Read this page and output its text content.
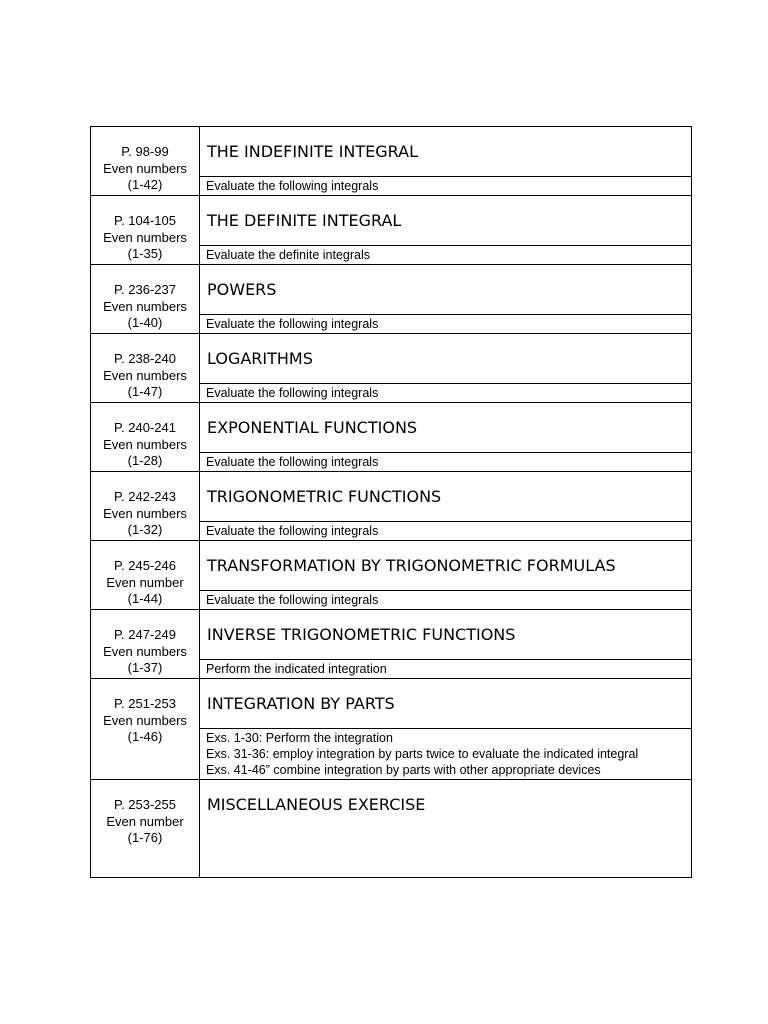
P. 98-99
Even numbers
(1-42)	THE INDEFINITE INTEGRAL

	Evaluate the following integrals

P. 104-105
Even numbers
(1-35)	THE DEFINITE INTEGRAL

	Evaluate the definite integrals

P. 236-237
Even numbers
(1-40)	POWERS

	Evaluate the following integrals

P. 238-240
Even numbers
(1-47)	LOGARITHMS

	Evaluate the following integrals

P. 240-241
Even numbers
(1-28)	EXPONENTIAL FUNCTIONS

	Evaluate the following integrals

P. 242-243
Even numbers
(1-32)	TRIGONOMETRIC FUNCTIONS

	Evaluate the following integrals

P. 245-246
Even number
(1-44)	TRANSFORMATION BY TRIGONOMETRIC FORMULAS

	Evaluate the following integrals

P. 247-249
Even numbers
(1-37)	INVERSE TRIGONOMETRIC FUNCTIONS

	Perform the indicated integration

P. 251-253
Even numbers
(1-46)	INTEGRATION BY PARTS

	Exs. 1-30: Perform the integration
Exs. 31-36: employ integration by parts twice to evaluate the indicated integral
Exs. 41-46” combine integration by parts with other appropriate devices

P. 253-255
Even number
(1-76)	MISCELLANEOUS EXERCISE
